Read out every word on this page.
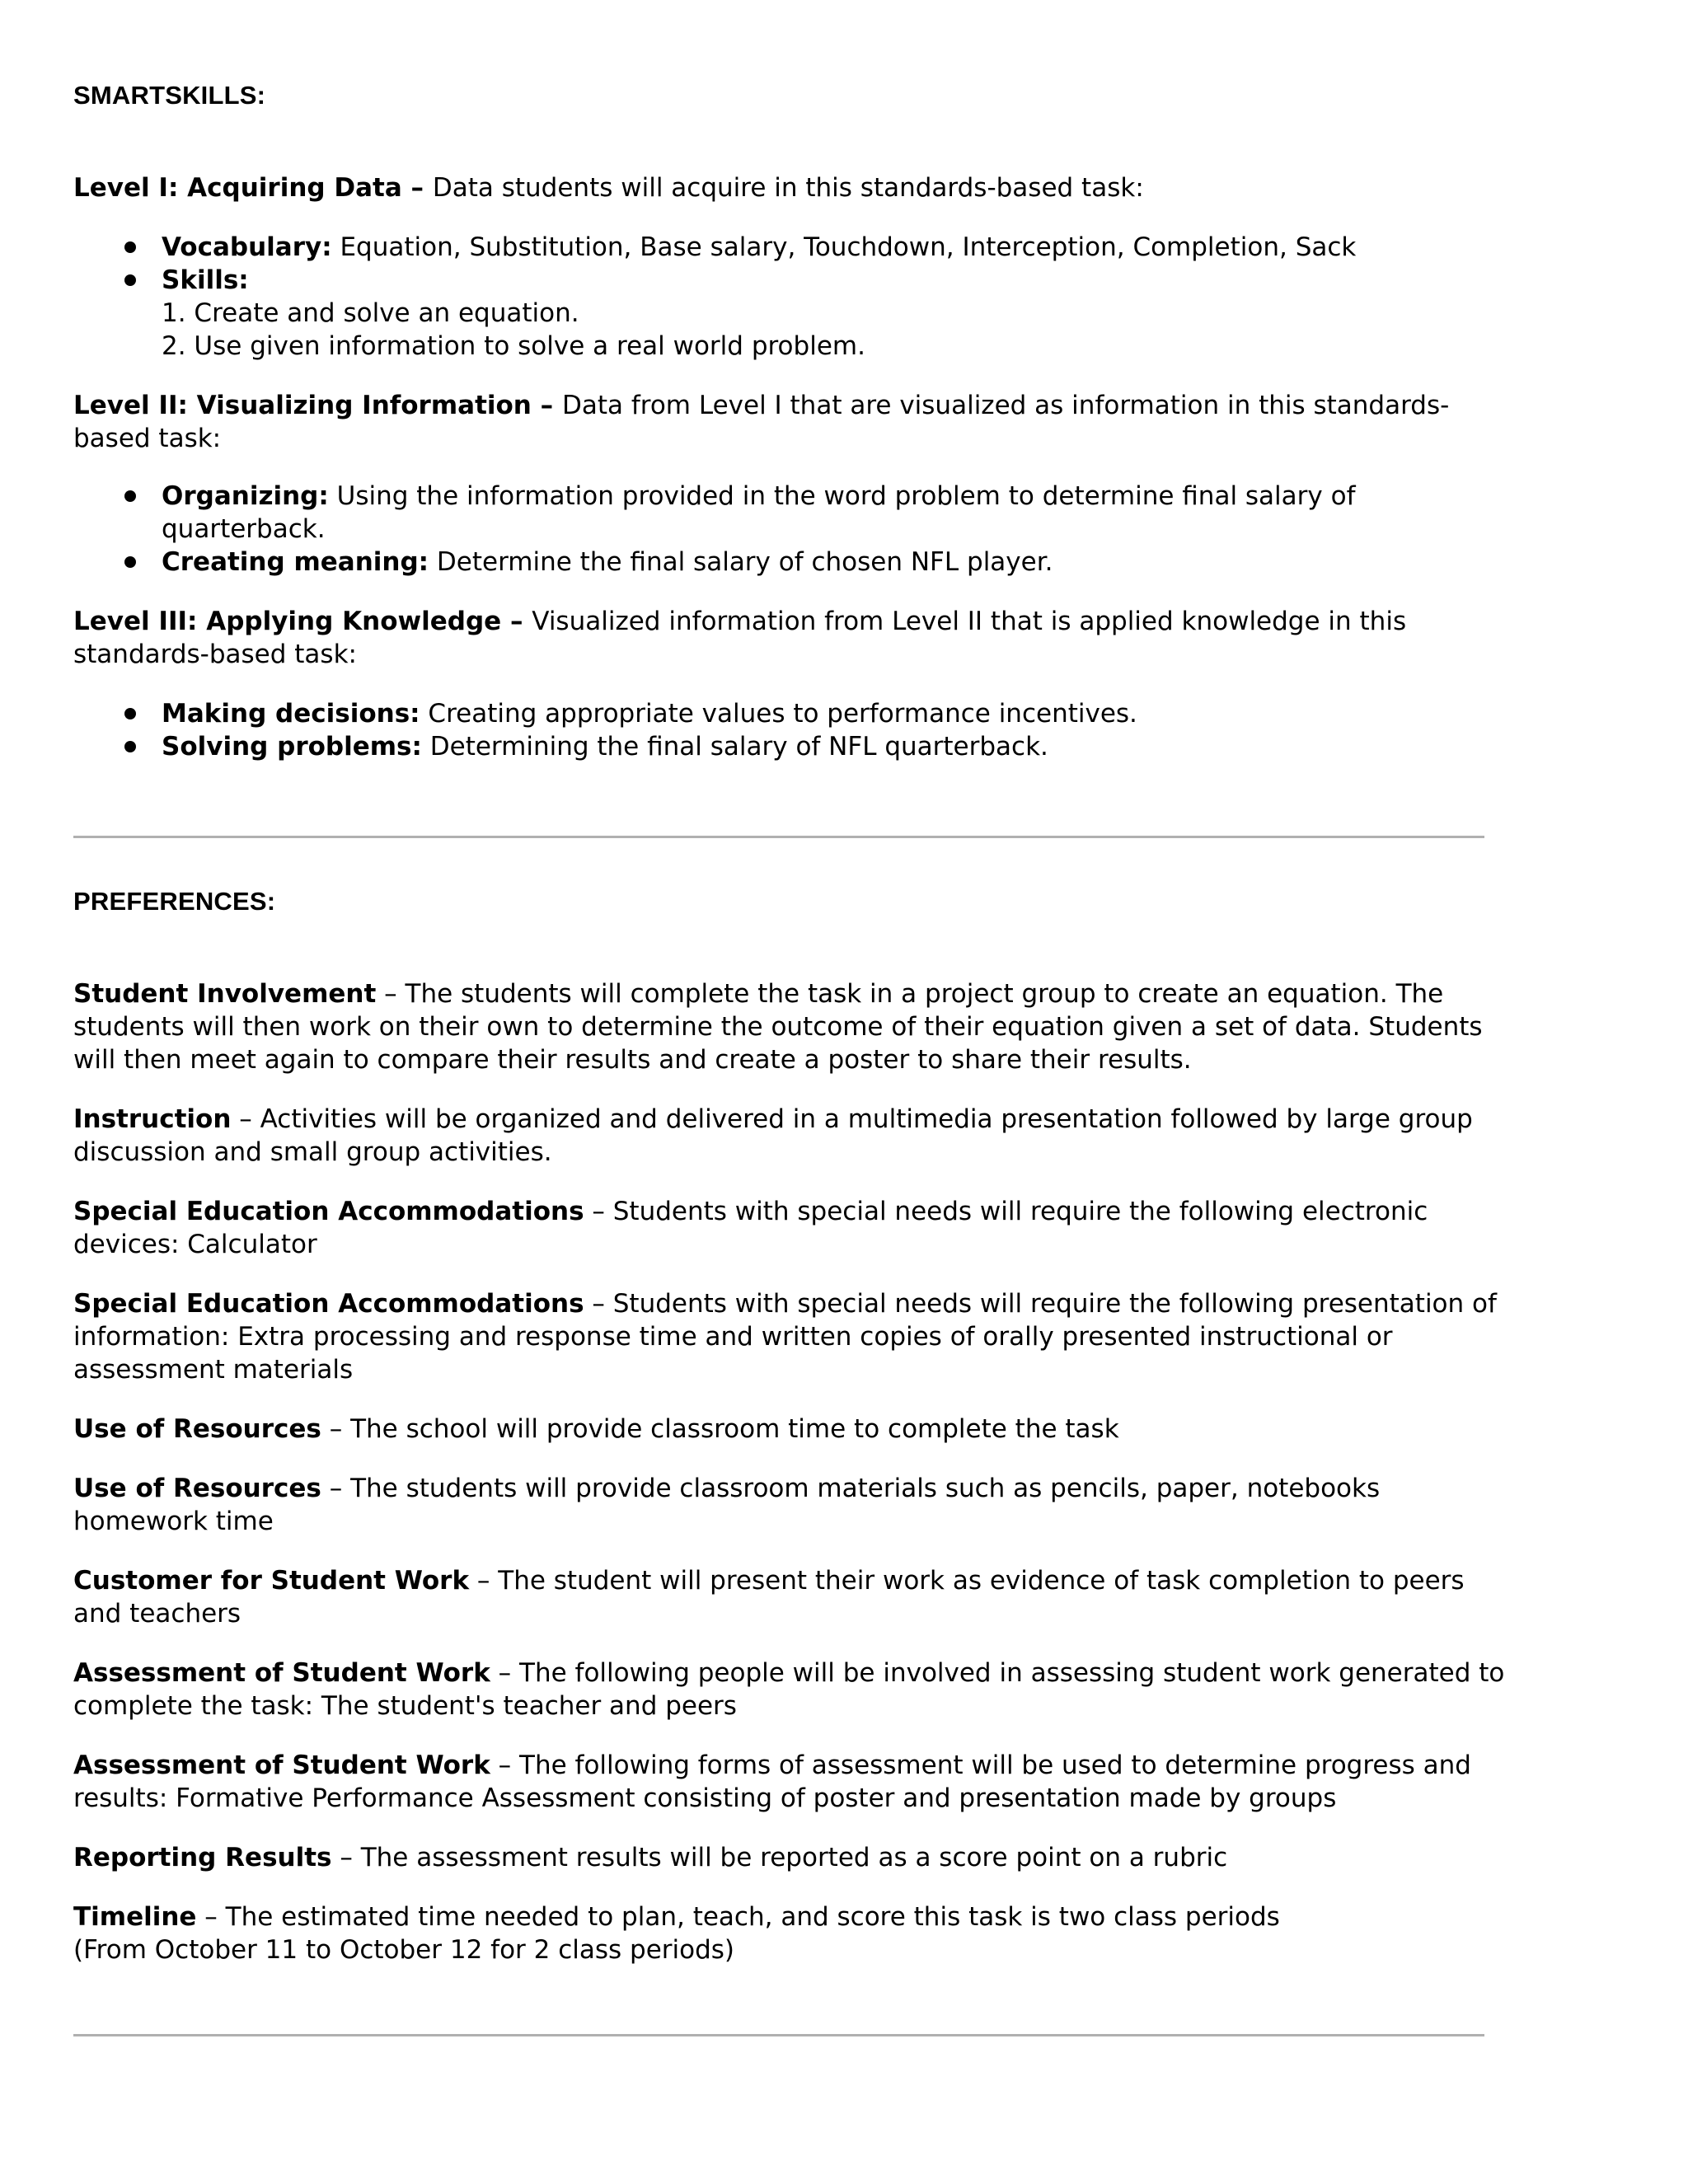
SMARTSKILLS:
Level I: Acquiring Data – Data students will acquire in this standards-based task:
Vocabulary: Equation, Substitution, Base salary, Touchdown, Interception, Completion, Sack
Skills:
1. Create and solve an equation.
2. Use given information to solve a real world problem.
Level II: Visualizing Information – Data from Level I that are visualized as information in this standards-based task:
Organizing: Using the information provided in the word problem to determine final salary of quarterback.
Creating meaning: Determine the final salary of chosen NFL player.
Level III: Applying Knowledge – Visualized information from Level II that is applied knowledge in this standards-based task:
Making decisions: Creating appropriate values to performance incentives.
Solving problems: Determining the final salary of NFL quarterback.
PREFERENCES:
Student Involvement – The students will complete the task in a project group to create an equation. The students will then work on their own to determine the outcome of their equation given a set of data. Students will then meet again to compare their results and create a poster to share their results.
Instruction – Activities will be organized and delivered in a multimedia presentation followed by large group discussion and small group activities.
Special Education Accommodations – Students with special needs will require the following electronic devices: Calculator
Special Education Accommodations – Students with special needs will require the following presentation of information: Extra processing and response time and written copies of orally presented instructional or assessment materials
Use of Resources – The school will provide classroom time to complete the task
Use of Resources – The students will provide classroom materials such as pencils, paper, notebooks homework time
Customer for Student Work – The student will present their work as evidence of task completion to peers and teachers
Assessment of Student Work – The following people will be involved in assessing student work generated to complete the task: The student's teacher and peers
Assessment of Student Work – The following forms of assessment will be used to determine progress and results: Formative Performance Assessment consisting of poster and presentation made by groups
Reporting Results – The assessment results will be reported as a score point on a rubric
Timeline – The estimated time needed to plan, teach, and score this task is two class periods
(From October 11 to October 12 for 2 class periods)
